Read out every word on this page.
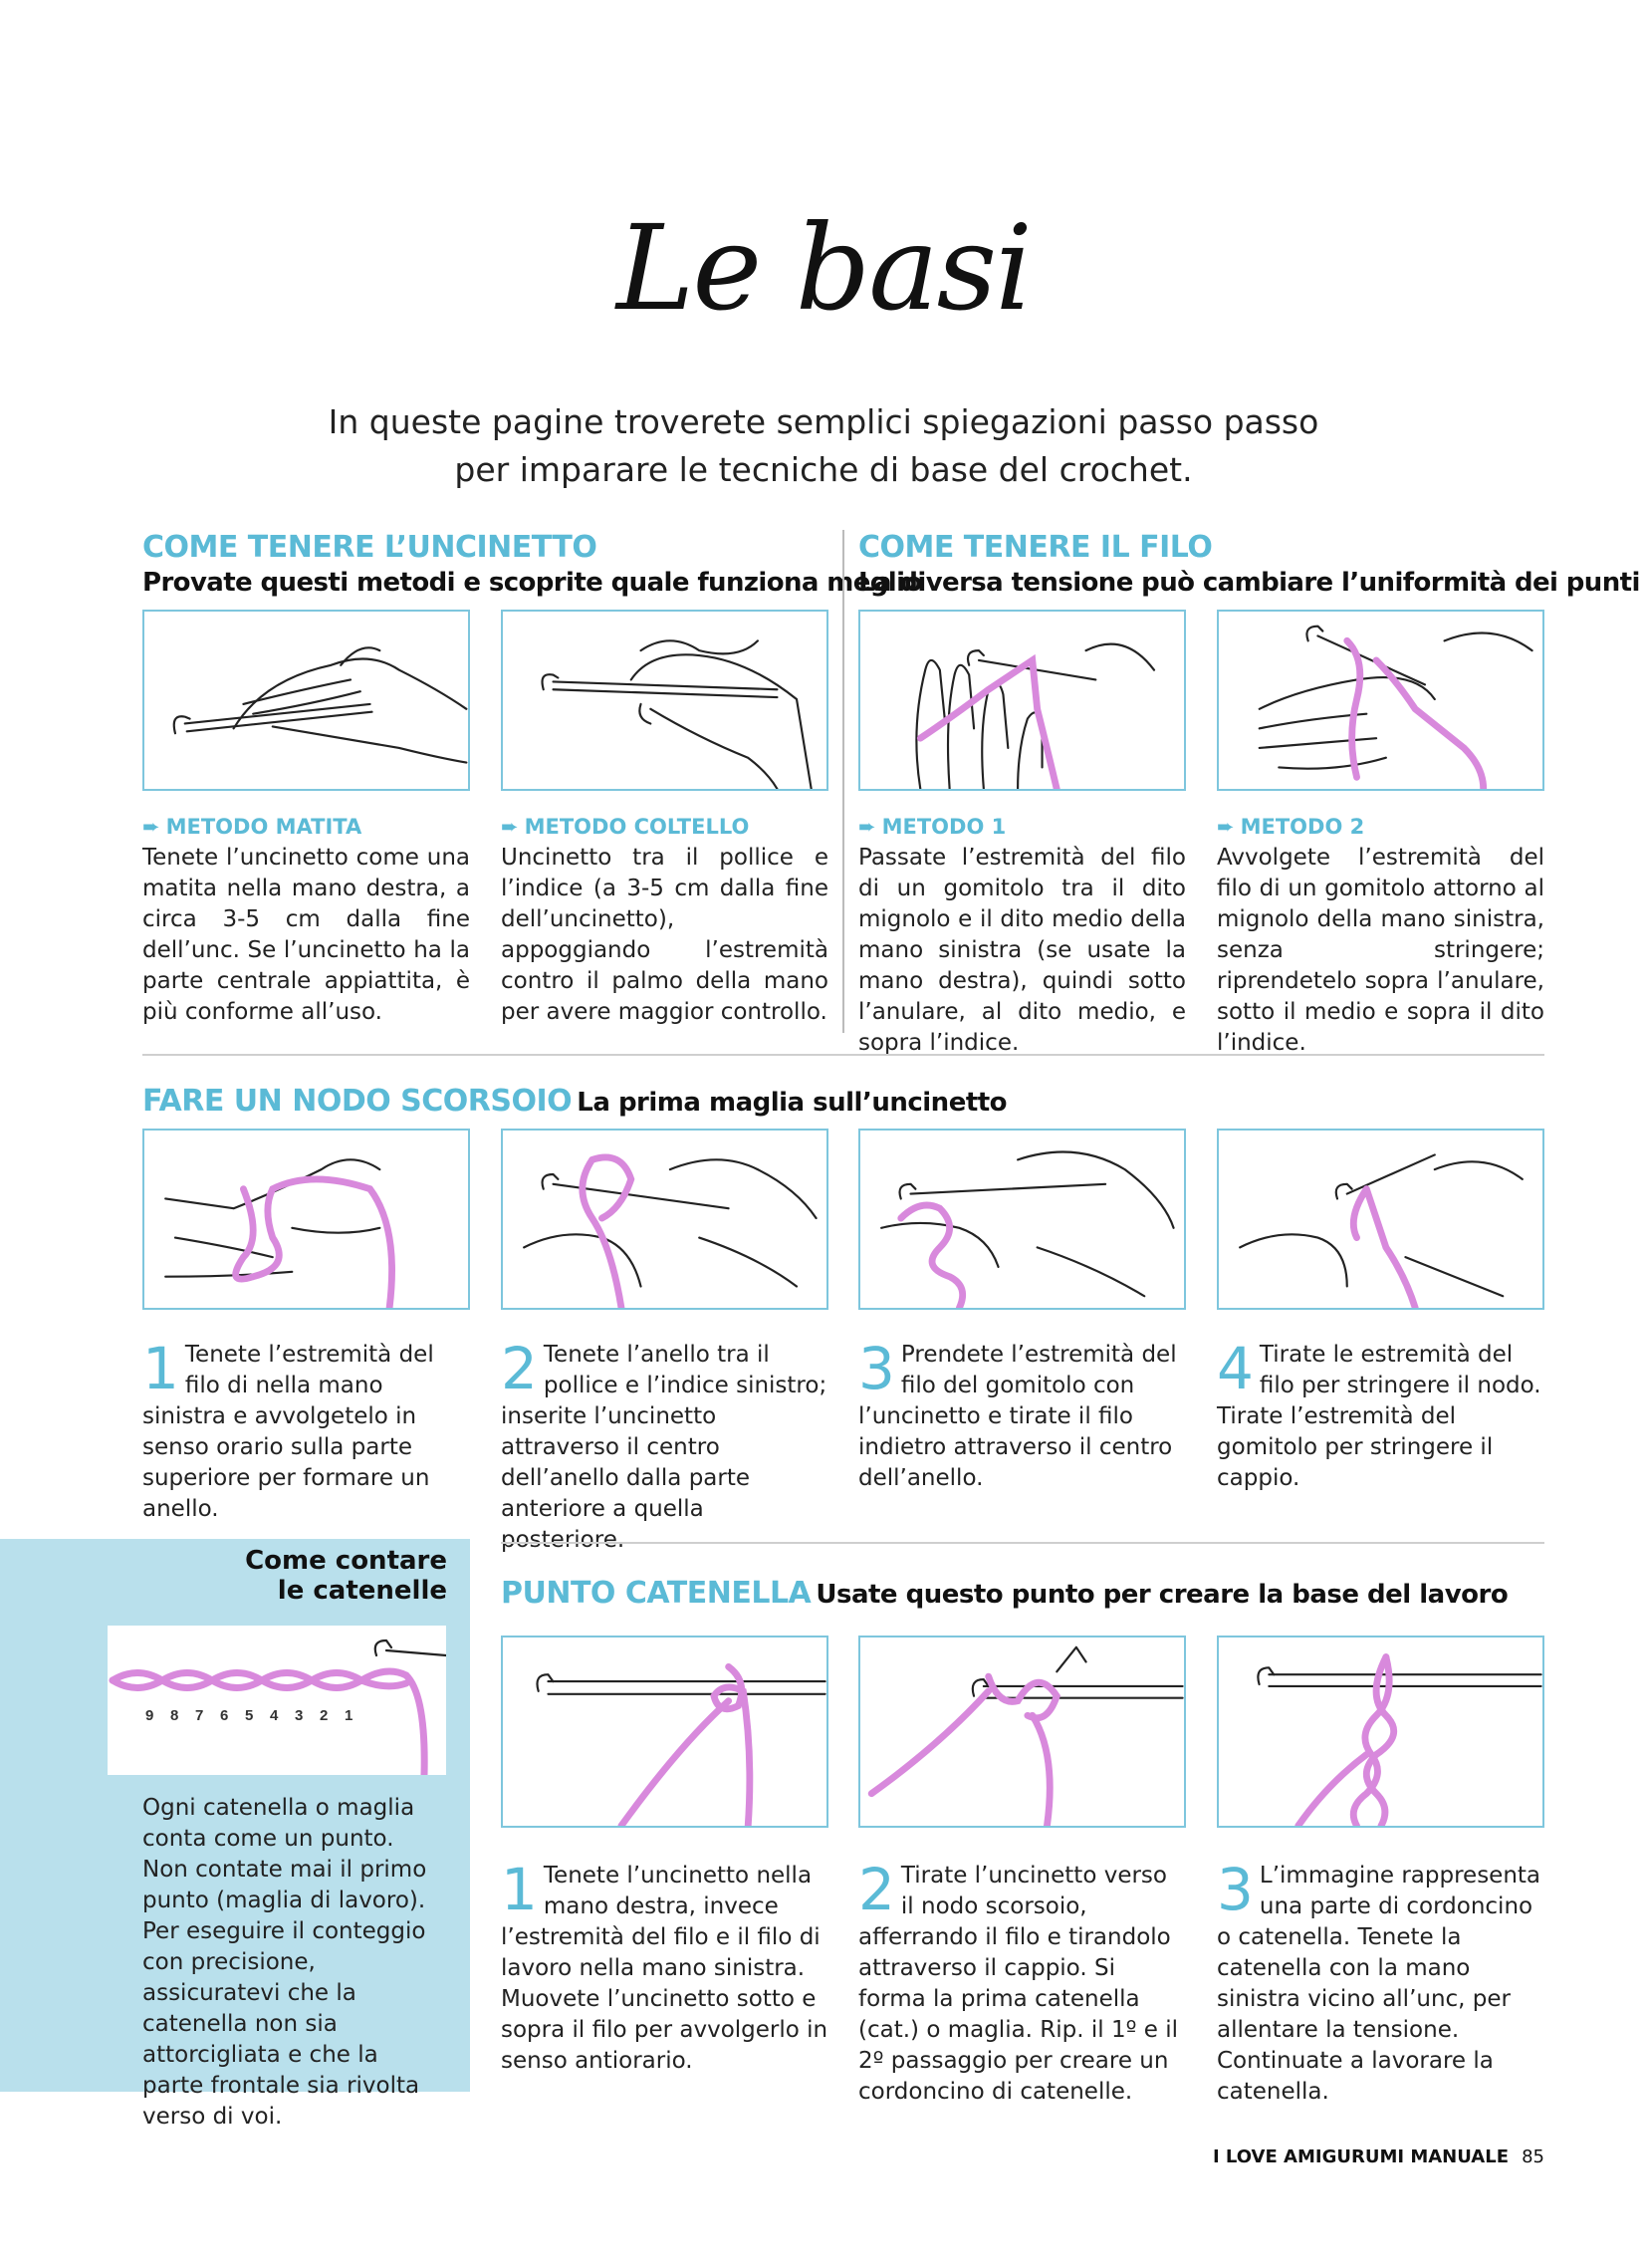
Le basi
In queste pagine troverete semplici spiegazioni passo passo
per imparare le tecniche di base del crochet.
COME TENERE L’UNCINETTO
Provate questi metodi e scoprite quale funziona meglio
COME TENERE IL FILO
La diversa tensione può cambiare l’uniformità dei punti
➨ METODO MATITA
Tenete l’uncinetto come una matita nella mano destra, a circa 3-5 cm dalla fine dell’unc. Se l’uncinetto ha la parte centrale appiattita, è più conforme all’uso.
➨ METODO COLTELLO
Uncinetto tra il pollice e l’indice (a 3-5 cm dalla fine dell’uncinetto), appoggiando l’estremità contro il palmo della mano per avere maggior controllo.
➨ METODO 1
Passate l’estremità del filo di un gomitolo tra il dito mignolo e il dito medio della mano sinistra (se usate la mano destra), quindi sotto l’anulare, al dito medio, e sopra l’indice.
➨ METODO 2
Avvolgete l’estremità del filo di un gomitolo attorno al mignolo della mano sinistra, senza stringere; riprendetelo sopra l’anulare, sotto il medio e sopra il dito l’indice.
FARE UN NODO SCORSOIO La prima maglia sull’uncinetto
1 Tenete l’estremità del filo di nella mano sinistra e avvolgetelo in senso orario sulla parte superiore per formare un anello.
2 Tenete l’anello tra il pollice e l’indice sinistro; inserite l’uncinetto attraverso il centro dell’anello dalla parte anteriore a quella posteriore.
3 Prendete l’estremità del filo del gomitolo con l’uncinetto e tirate il filo indietro attraverso il centro dell’anello.
4 Tirate le estremità del filo per stringere il nodo. Tirate l’estremità del gomitolo per stringere il cappio.
Come contare
le catenelle
9 8 7 6 5 4 3 2 1
Ogni catenella o maglia conta come un punto. Non contate mai il primo punto (maglia di lavoro). Per eseguire il conteggio con precisione, assicuratevi che la catenella non sia attorcigliata e che la parte frontale sia rivolta verso di voi.
PUNTO CATENELLA Usate questo punto per creare la base del lavoro
1 Tenete l’uncinetto nella mano destra, invece l’estremità del filo e il filo di lavoro nella mano sinistra. Muovete l’uncinetto sotto e sopra il filo per avvolgerlo in senso antiorario.
2 Tirate l’uncinetto verso il nodo scorsoio, afferrando il filo e tirandolo attraverso il cappio. Si forma la prima catenella (cat.) o maglia. Rip. il 1º e il 2º passaggio per creare un cordoncino di catenelle.
3 L’immagine rappresenta una parte di cordoncino o catenella. Tenete la catenella con la mano sinistra vicino all’unc, per allentare la tensione. Continuate a lavorare la catenella.
I LOVE AMIGURUMI MANUALE 85
